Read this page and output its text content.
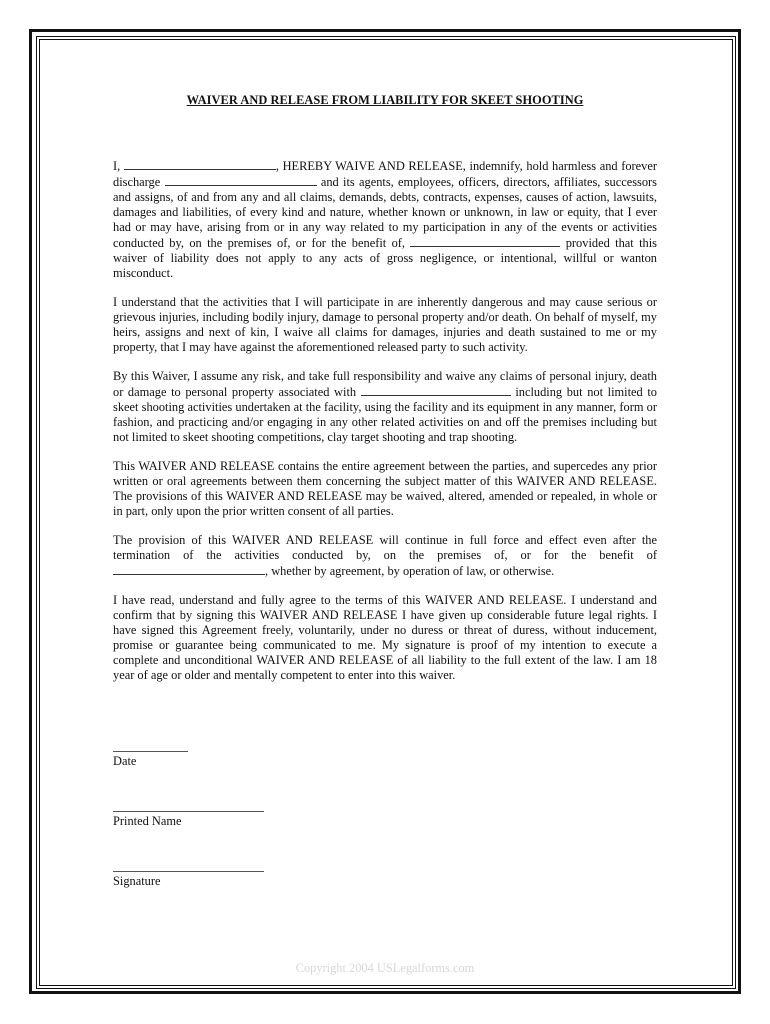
WAIVER AND RELEASE FROM LIABILITY FOR SKEET SHOOTING

I,	, HEREBY WAIVE AND RELEASE, indemnify, hold harmless and forever discharge	and its agents, employees, officers, directors, affiliates, successors and assigns, of and from any and all claims, demands, debts, contracts, expenses, causes of action, lawsuits, damages and liabilities, of every kind and nature, whether known or unknown, in law or equity, that I ever had or may have, arising from or in any way related to my participation in any of the events or activities conducted by, on the premises of, or for the benefit of,	provided that this waiver of liability does not apply to any acts of gross negligence, or intentional, willful or wanton misconduct.

I understand that the activities that I will participate in are inherently dangerous and may cause serious or grievous injuries, including bodily injury, damage to personal property and/or death. On behalf of myself, my heirs, assigns and next of kin, I waive all claims for damages, injuries and death sustained to me or my property, that I may have against the aforementioned released party to such activity.

By this Waiver, I assume any risk, and take full responsibility and waive any claims of personal injury, death or damage to personal property associated with	including but not limited to skeet shooting activities undertaken at the facility, using the facility and its equipment in any manner, form or fashion, and practicing and/or engaging in any other related activities on and off the premises including but not limited to skeet shooting competitions, clay target shooting and trap shooting.

This WAIVER AND RELEASE contains the entire agreement between the parties, and supercedes any prior written or oral agreements between them concerning the subject matter of this WAIVER AND RELEASE. The provisions of this WAIVER AND RELEASE may be waived, altered, amended or repealed, in whole or in part, only upon the prior written consent of all parties.

The provision of this WAIVER AND RELEASE will continue in full force and effect even after the termination of the activities conducted by, on the premises of, or for the benefit of , whether by agreement, by operation of law, or otherwise.

I have read, understand and fully agree to the terms of this WAIVER AND RELEASE. I understand and confirm that by signing this WAIVER AND RELEASE I have given up considerable future legal rights. I have signed this Agreement freely, voluntarily, under no duress or threat of duress, without inducement, promise or guarantee being communicated to me. My signature is proof of my intention to execute a complete and unconditional WAIVER AND RELEASE of all liability to the full extent of the law. I am 18 year of age or older and mentally competent to enter into this waiver.

Date
Printed Name
Signature
Copyright 2004 USLegalforms.com
